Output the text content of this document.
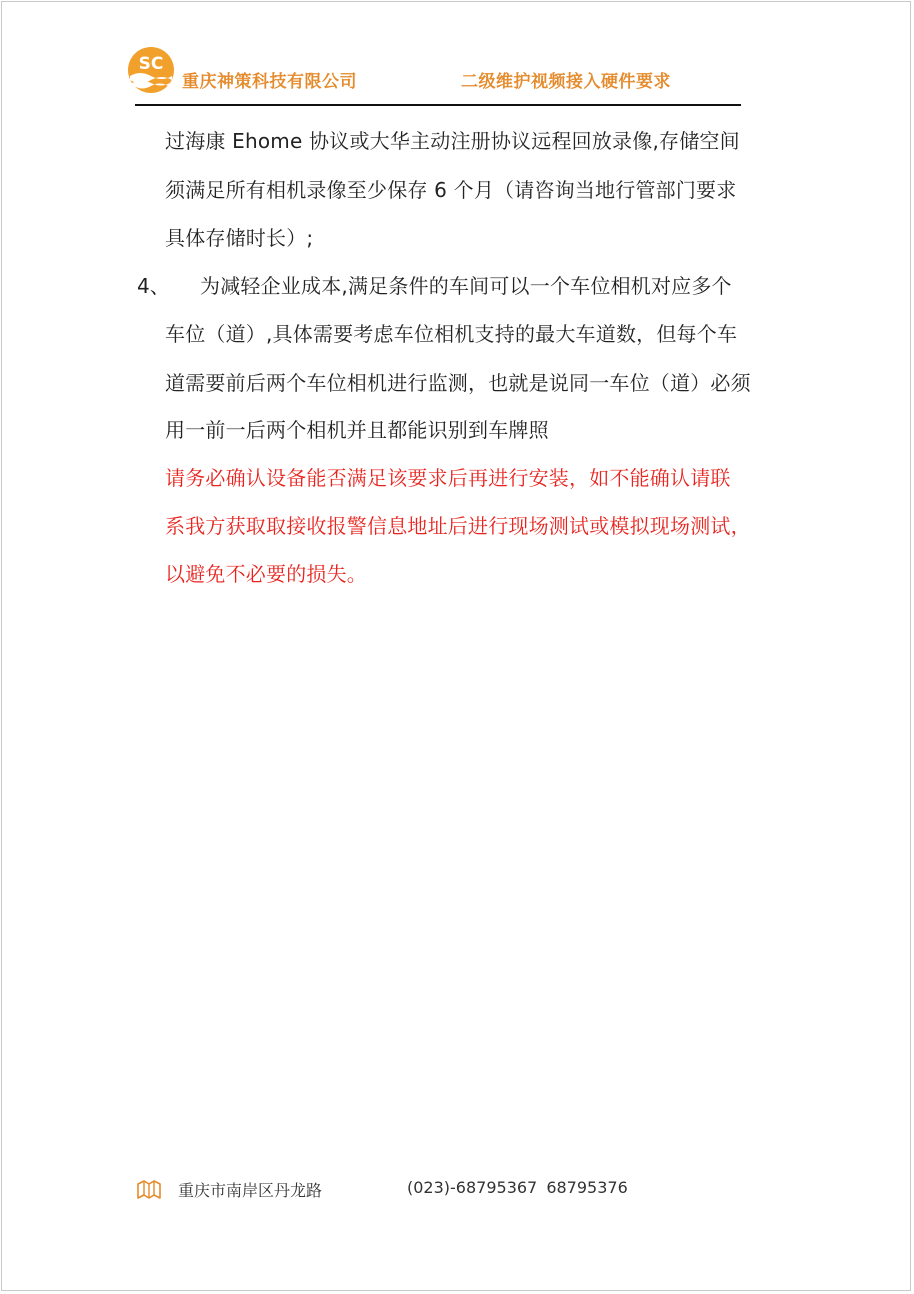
SC
重庆神策科技有限公司	二级维护视频接入硬件要求
过海康 Ehome 协议或大华主动注册协议远程回放录像,存储空间
须满足所有相机录像至少保存 6 个月（请咨询当地行管部门要求
具体存储时长）;
4、 为减轻企业成本,满足条件的车间可以一个车位相机对应多个
车位（道）,具体需要考虑车位相机支持的最大车道数，但每个车
道需要前后两个车位相机进行监测，也就是说同一车位（道）必须
用一前一后两个相机并且都能识别到车牌照
请务必确认设备能否满足该要求后再进行安装，如不能确认请联
系我方获取取接收报警信息地址后进行现场测试或模拟现场测试，
以避免不必要的损失。
重庆市南岸区丹龙路	(023)-68795367 68795376
